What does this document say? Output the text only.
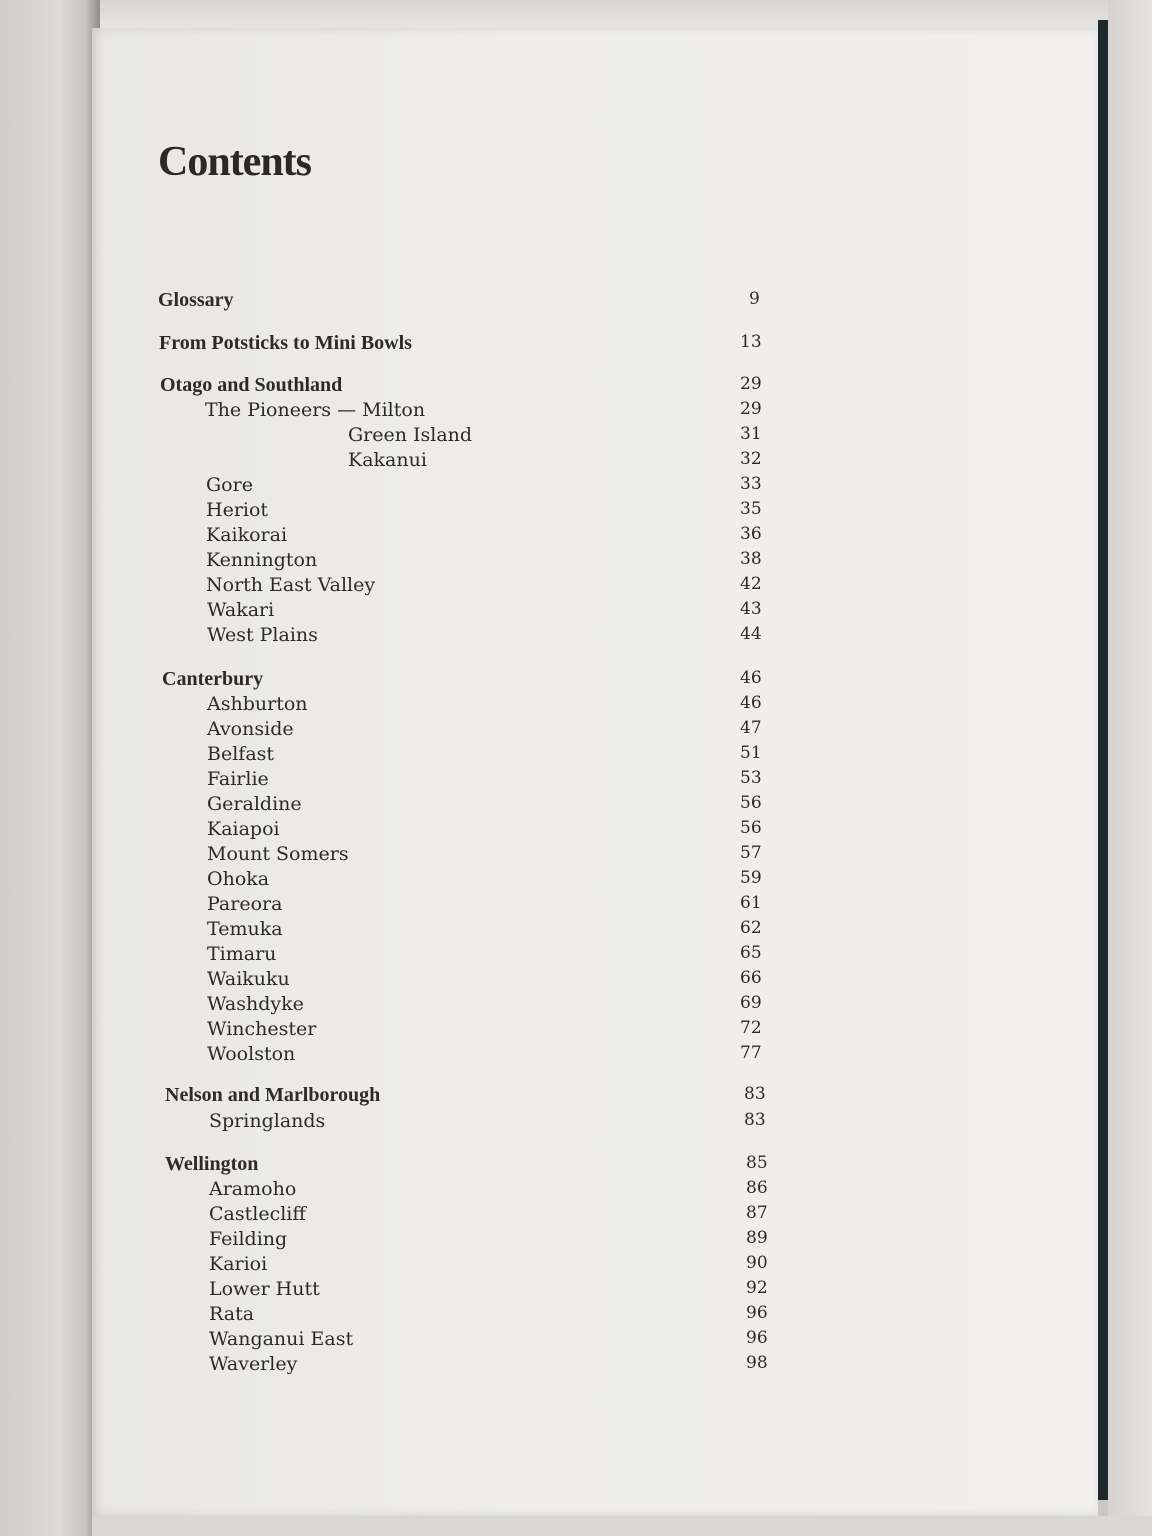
Contents
Glossary	9
From Potsticks to Mini Bowls	13
Otago and Southland	29
The Pioneers — Milton	29
Green Island	31
Kakanui	32
Gore	33
Heriot	35
Kaikorai	36
Kennington	38
North East Valley	42
Wakari	43
West Plains	44
Canterbury	46
Ashburton	46
Avonside	47
Belfast	51
Fairlie	53
Geraldine	56
Kaiapoi	56
Mount Somers	57
Ohoka	59
Pareora	61
Temuka	62
Timaru	65
Waikuku	66
Washdyke	69
Winchester	72
Woolston	77
Nelson and Marlborough	83
Springlands	83
Wellington	85
Aramoho	86
Castlecliff	87
Feilding	89
Karioi	90
Lower Hutt	92
Rata	96
Wanganui East	96
Waverley	98
